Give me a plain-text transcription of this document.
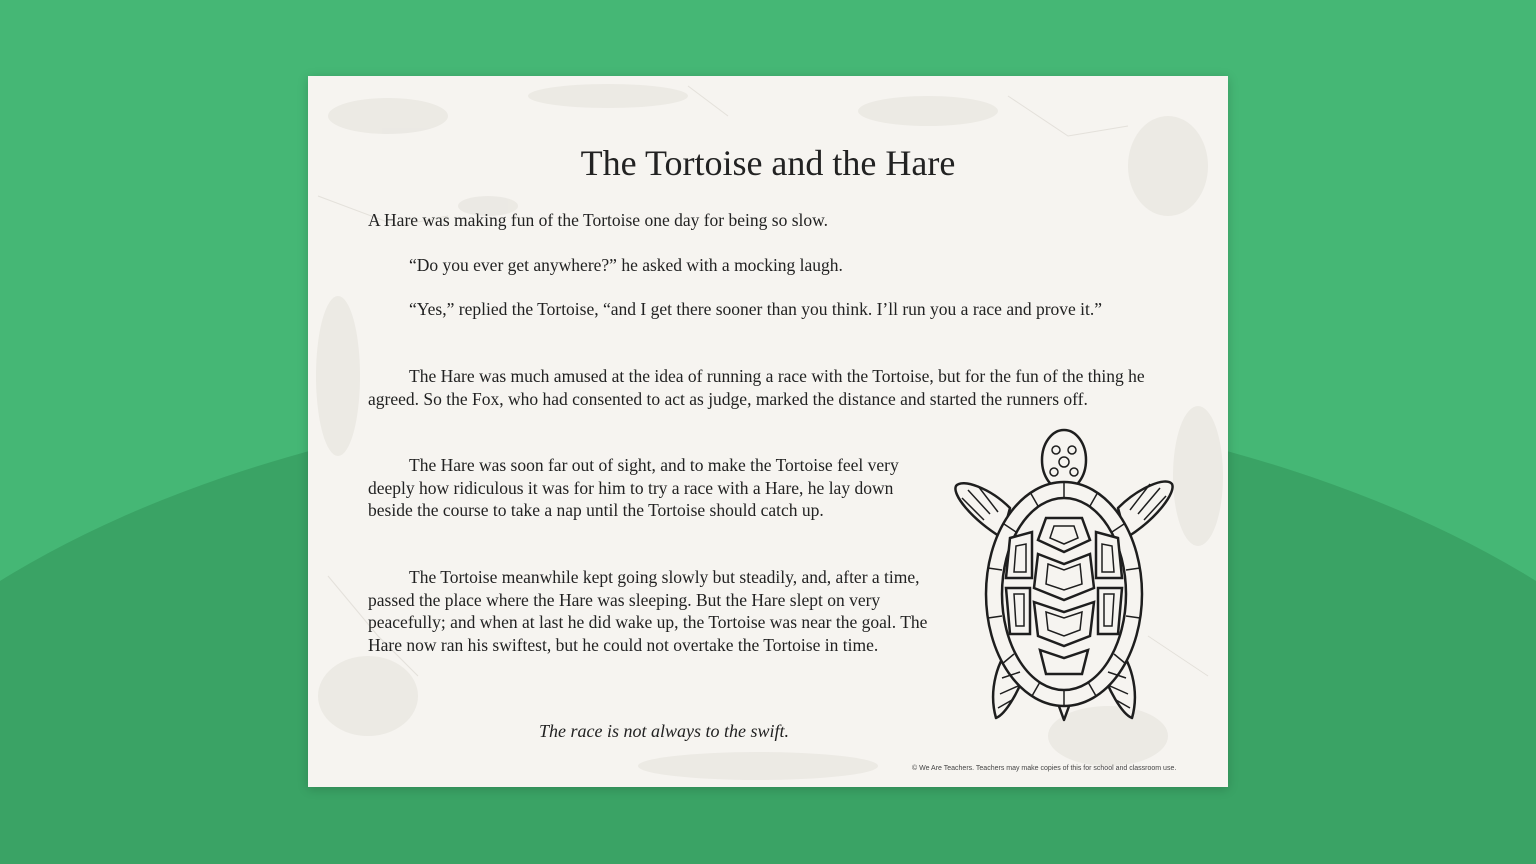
The Tortoise and the Hare

A Hare was making fun of the Tortoise one day for being so slow.

“Do you ever get anywhere?” he asked with a mocking laugh.

“Yes,” replied the Tortoise, “and I get there sooner than you think. I’ll run you a race and prove it.”

The Hare was much amused at the idea of running a race with the Tortoise, but for the fun of the thing he agreed. So the Fox, who had consented to act as judge, marked the distance and started the runners off.

The Hare was soon far out of sight, and to make the Tortoise feel very deeply how ridiculous it was for him to try a race with a Hare, he lay down beside the course to take a nap until the Tortoise should catch up.

The Tortoise meanwhile kept going slowly but steadily, and, after a time, passed the place where the Hare was sleeping. But the Hare slept on very peacefully; and when at last he did wake up, the Tortoise was near the goal. The Hare now ran his swiftest, but he could not overtake the Tortoise in time.

The race is not always to the swift.

© We Are Teachers. Teachers may make copies of this for school and classroom use.
